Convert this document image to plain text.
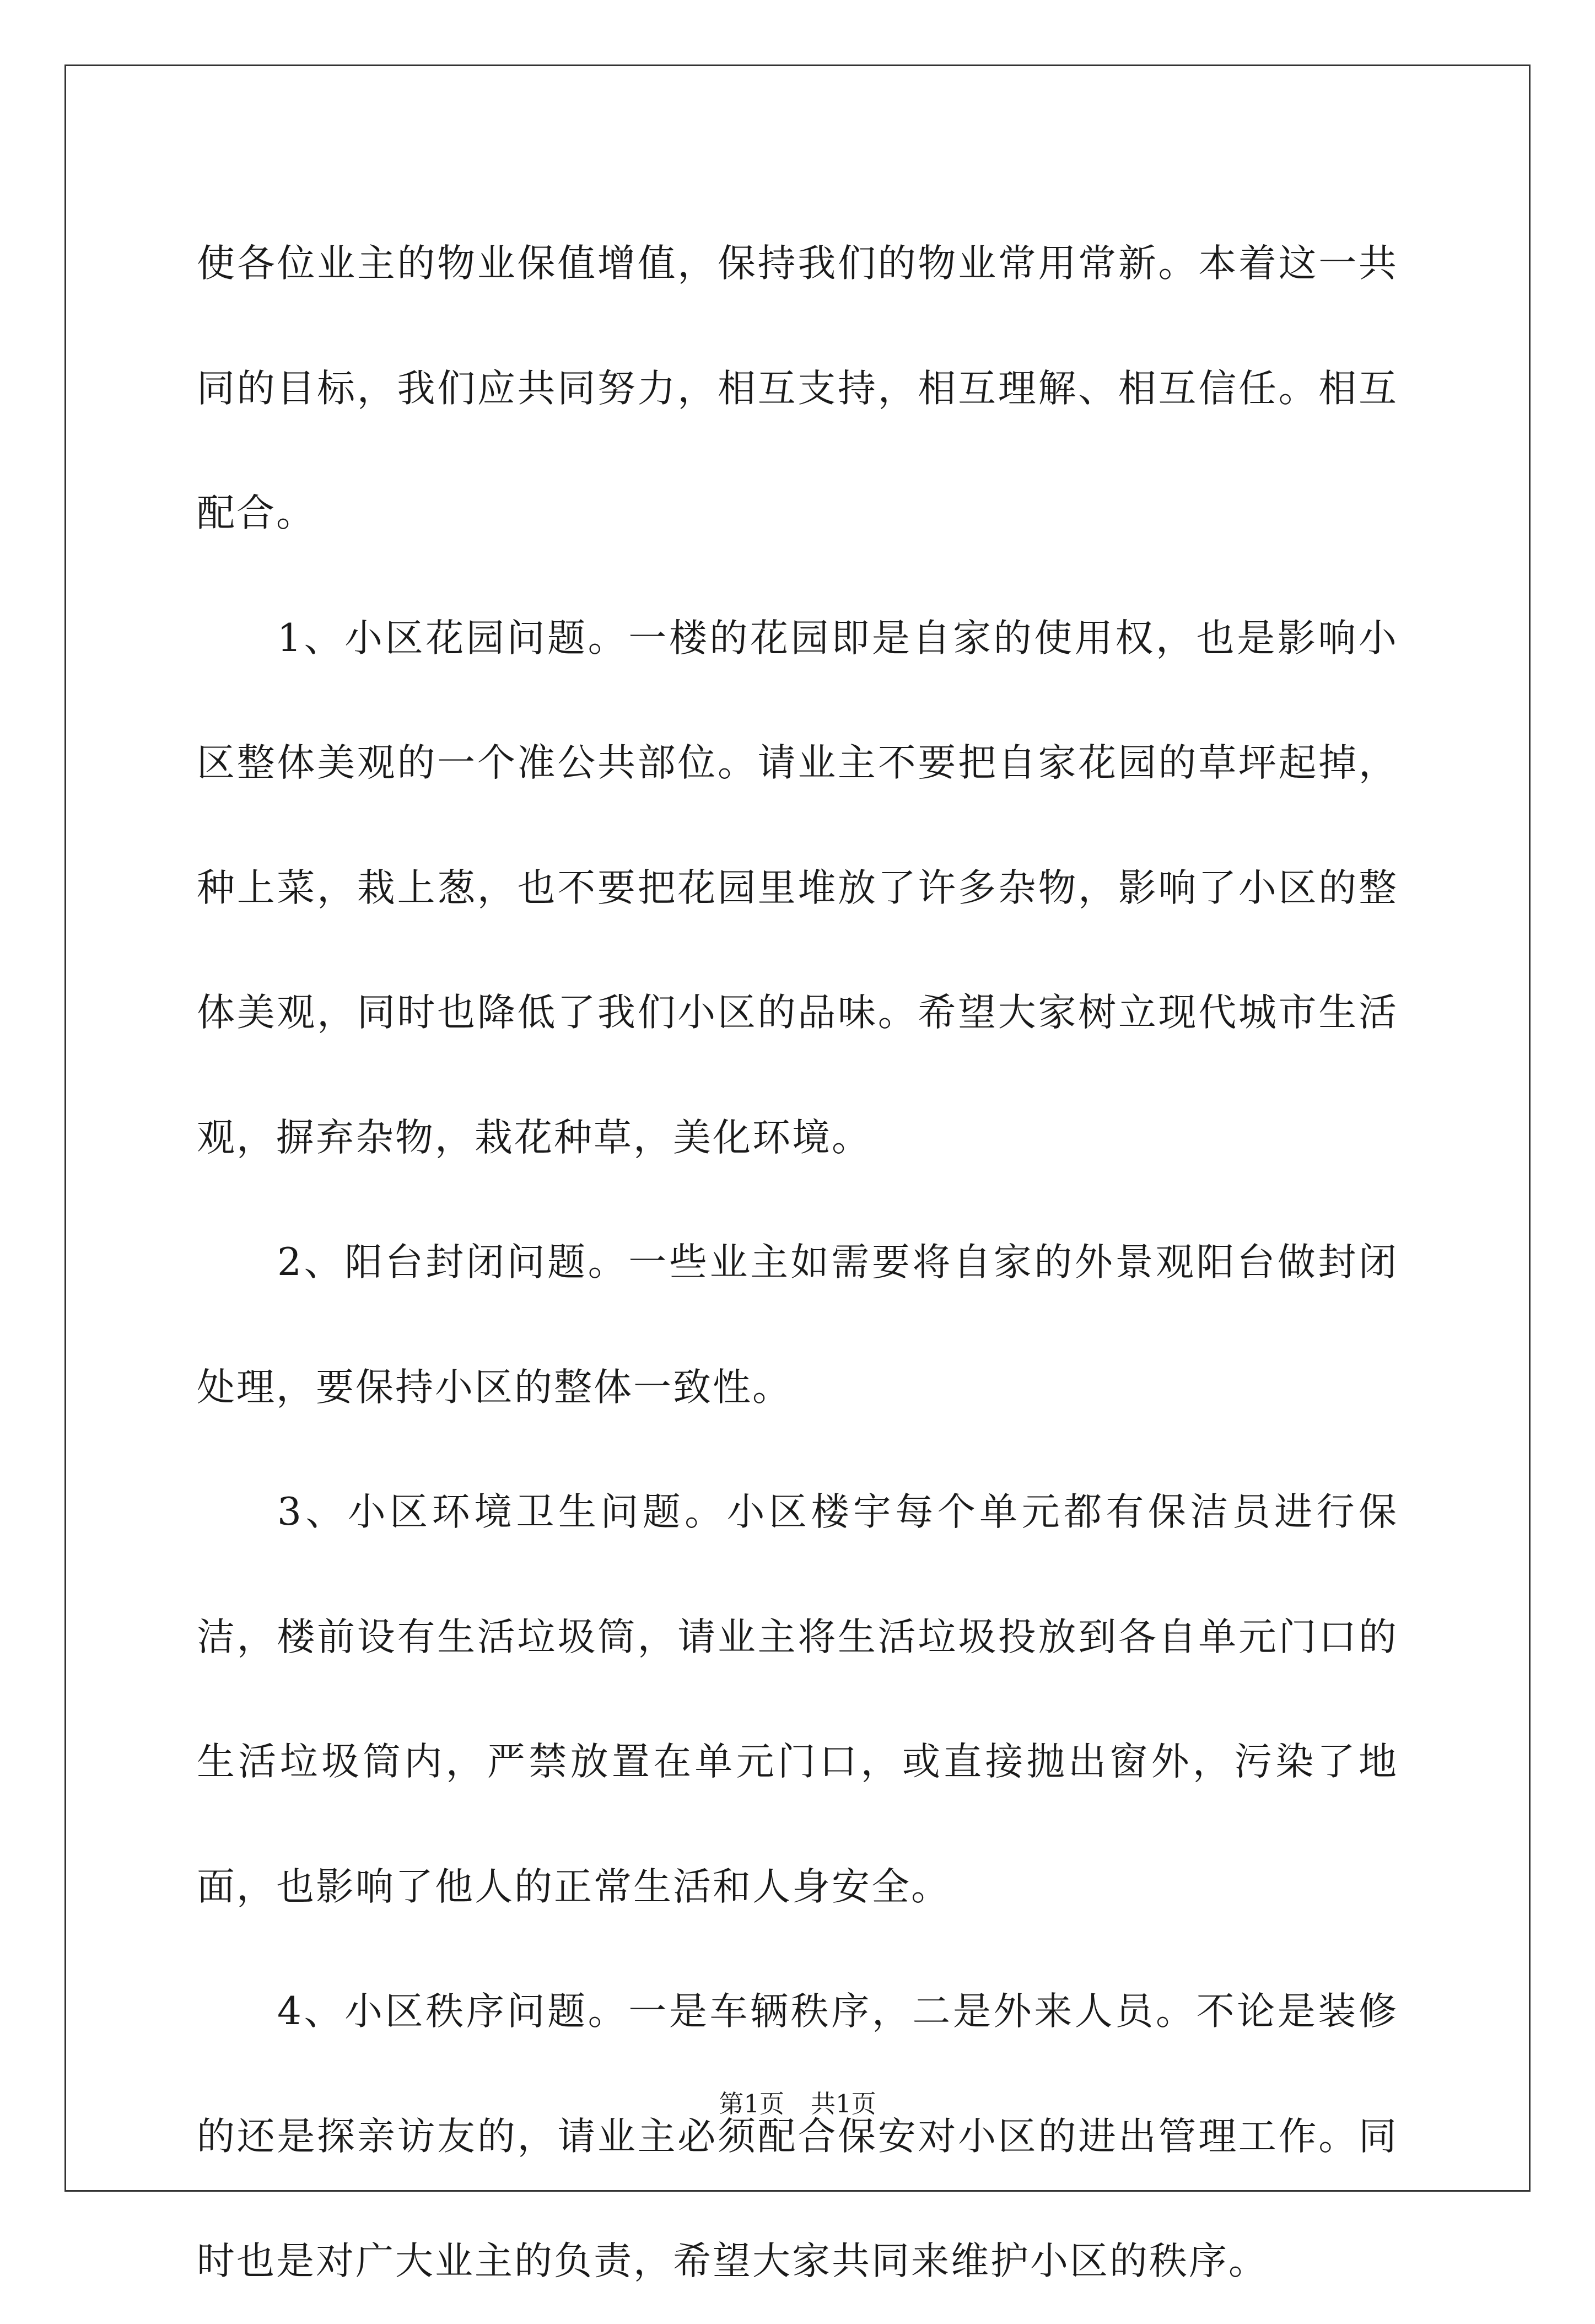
使各位业主的物业保值增值，保持我们的物业常用常新。本着这一共同的目标，我们应共同努力，相互支持，相互理解、相互信任。相互配合。

1、小区花园问题。一楼的花园即是自家的使用权，也是影响小区整体美观的一个准公共部位。请业主不要把自家花园的草坪起掉，种上菜，栽上葱，也不要把花园里堆放了许多杂物，影响了小区的整体美观，同时也降低了我们小区的品味。希望大家树立现代城市生活观，摒弃杂物，栽花种草，美化环境。

2、阳台封闭问题。一些业主如需要将自家的外景观阳台做封闭处理，要保持小区的整体一致性。

3、小区环境卫生问题。小区楼宇每个单元都有保洁员进行保洁，楼前设有生活垃圾筒，请业主将生活垃圾投放到各自单元门口的生活垃圾筒内，严禁放置在单元门口，或直接抛出窗外，污染了地面，也影响了他人的正常生活和人身安全。

4、小区秩序问题。一是车辆秩序，二是外来人员。不论是装修的还是探亲访友的，请业主必须配合保安对小区的进出管理工作。同时也是对广大业主的负责，希望大家共同来维护小区的秩序。

第1页 共1页
